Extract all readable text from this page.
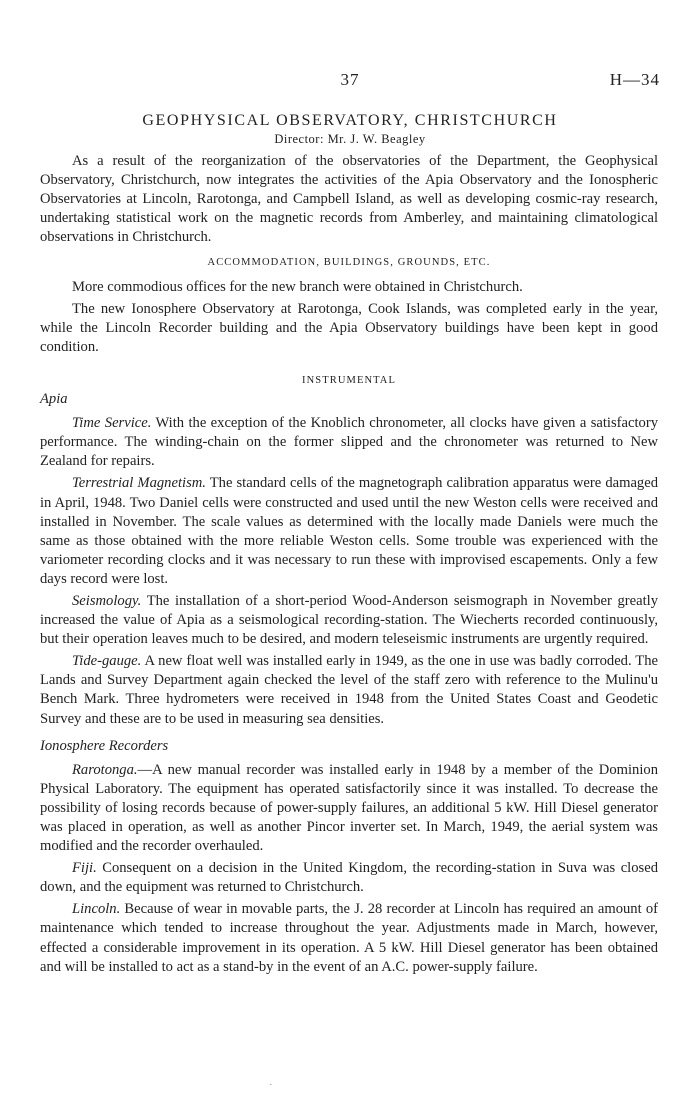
37	H—34
GEOPHYSICAL OBSERVATORY, CHRISTCHURCH
Director: Mr. J. W. Beagley

As a result of the reorganization of the observatories of the Department, the Geophysical Observatory, Christchurch, now integrates the activities of the Apia Observatory and the Ionospheric Observatories at Lincoln, Rarotonga, and Campbell Island, as well as developing cosmic-ray research, undertaking statistical work on the magnetic records from Amberley, and maintaining climatological observations in Christchurch.

ACCOMMODATION, BUILDINGS, GROUNDS, ETC.

More commodious offices for the new branch were obtained in Christchurch.

The new Ionosphere Observatory at Rarotonga, Cook Islands, was completed early in the year, while the Lincoln Recorder building and the Apia Observatory buildings have been kept in good condition.

INSTRUMENTAL
Apia

Time Service. With the exception of the Knoblich chronometer, all clocks have given a satisfactory performance. The winding-chain on the former slipped and the chronometer was returned to New Zealand for repairs.

Terrestrial Magnetism. The standard cells of the magnetograph calibration apparatus were damaged in April, 1948. Two Daniel cells were constructed and used until the new Weston cells were received and installed in November. The scale values as determined with the locally made Daniels were much the same as those obtained with the more reliable Weston cells. Some trouble was experienced with the variometer recording clocks and it was necessary to run these with improvised escapements. Only a few days record were lost.

Seismology. The installation of a short-period Wood-Anderson seismograph in November greatly increased the value of Apia as a seismological recording-station. The Wiecherts recorded continuously, but their operation leaves much to be desired, and modern teleseismic instruments are urgently required.

Tide-gauge. A new float well was installed early in 1949, as the one in use was badly corroded. The Lands and Survey Department again checked the level of the staff zero with reference to the Mulinu'u Bench Mark. Three hydrometers were received in 1948 from the United States Coast and Geodetic Survey and these are to be used in measuring sea densities.

Ionosphere Recorders

Rarotonga.—A new manual recorder was installed early in 1948 by a member of the Dominion Physical Laboratory. The equipment has operated satisfactorily since it was installed. To decrease the possibility of losing records because of power-supply failures, an additional 5 kW. Hill Diesel generator was placed in operation, as well as another Pincor inverter set. In March, 1949, the aerial system was modified and the recorder overhauled.

Fiji. Consequent on a decision in the United Kingdom, the recording-station in Suva was closed down, and the equipment was returned to Christchurch.

Lincoln. Because of wear in movable parts, the J. 28 recorder at Lincoln has required an amount of maintenance which tended to increase throughout the year. Adjustments made in March, however, effected a considerable improvement in its operation. A 5 kW. Hill Diesel generator has been obtained and will be installed to act as a stand-by in the event of an A.C. power-supply failure.

·
